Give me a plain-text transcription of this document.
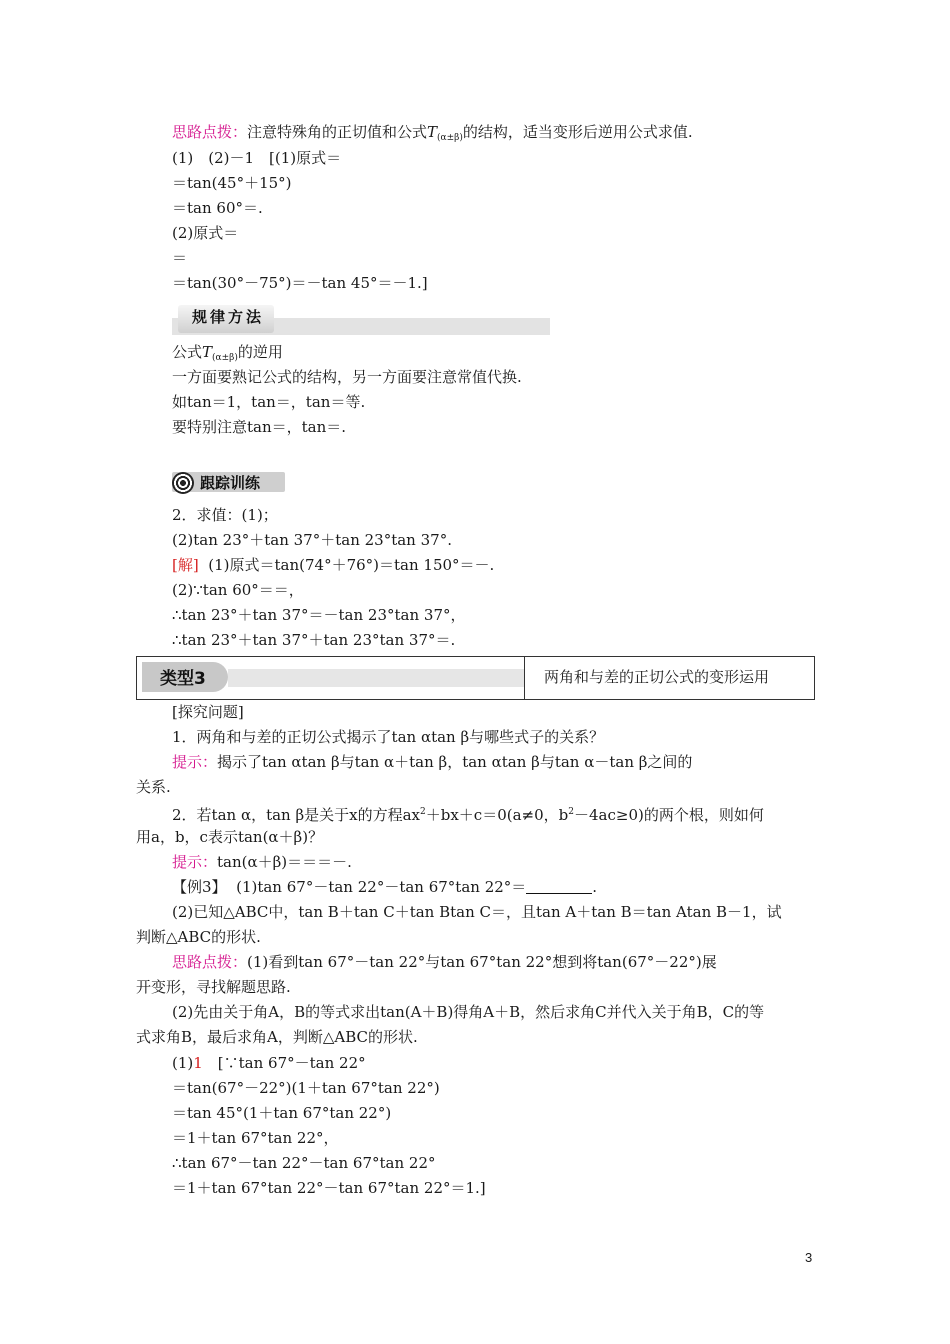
思路点拨：注意特殊角的正切值和公式$T_{(\alpha\pm\beta)}$的结构，适当变形后逆用公式求值.
(1)　(2)－1　[(1)原式＝
＝tan(45°＋15°)
＝tan 60°＝.
(2)原式＝
＝
＝tan(30°－75°)＝－tan 45°＝－1.]
规律方法
公式$T_{(\alpha\pm\beta)}$的逆用
一方面要熟记公式的结构，另一方面要注意常值代换.
如tan＝1，tan＝，tan＝等.
要特别注意tan＝，tan＝.
跟踪训练
2．求值：(1)；
(2)tan 23°＋tan 37°＋tan 23°tan 37°.
[解] (1)原式＝tan(74°＋76°)＝tan 150°＝－.
(2)∵tan 60°＝＝，
∴tan 23°＋tan 37°＝－tan 23°tan 37°，
∴tan 23°＋tan 37°＋tan 23°tan 37°＝.
类型3	两角和与差的正切公式的变形运用
[探究问题]
1．两角和与差的正切公式揭示了tan αtan β与哪些式子的关系？
提示：揭示了tan αtan β与tan α＋tan β，tan αtan β与tan α－tan β之间的
关系.
2．若tan α，tan β是关于x的方程$ax^2+bx+c=0(a\ne 0$，$b^2-4ac\ge 0$)的两个根，则如何
用a，b，c表示tan(α＋β)？
提示：tan(α＋β)＝＝＝－.
【例3】 (1)tan 67°－tan 22°－tan 67°tan 22°＝	.
(2)已知△ABC中，tan B＋tan C＋tan Btan C＝，且tan A＋tan B＝tan Atan B－1，试
判断△ABC的形状.
思路点拨：(1)看到tan 67°－tan 22°与tan 67°tan 22°想到将tan(67°－22°)展
开变形，寻找解题思路.
(2)先由关于角A，B的等式求出tan(A＋B)得角A＋B，然后求角C并代入关于角B，C的等
式求角B，最后求角A，判断△ABC的形状.
(1)1　[∵tan 67°－tan 22°
＝tan(67°－22°)(1＋tan 67°tan 22°)
＝tan 45°(1＋tan 67°tan 22°)
＝1＋tan 67°tan 22°，
∴tan 67°－tan 22°－tan 67°tan 22°
＝1＋tan 67°tan 22°－tan 67°tan 22°＝1.]
3
